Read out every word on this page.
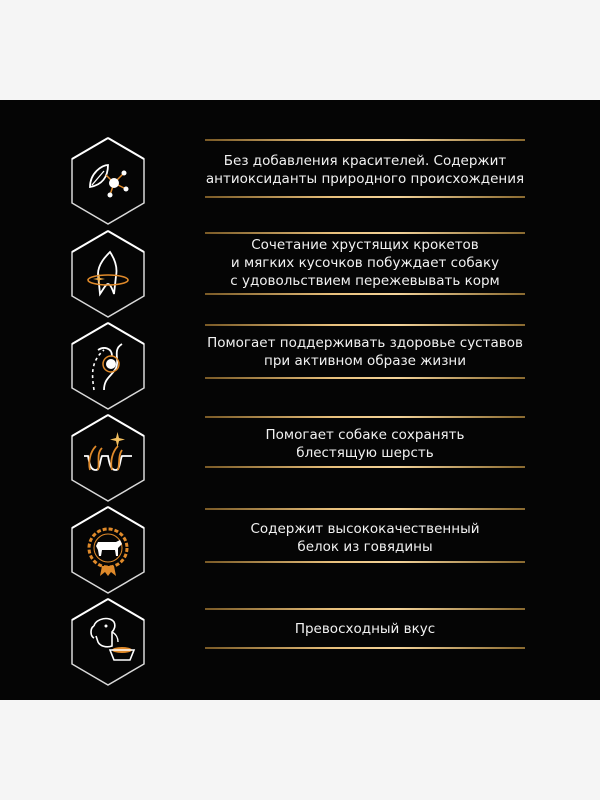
Без добавления красителей. Содержит
антиоксиданты природного происхождения
Сочетание хрустящих крокетов
и мягких кусочков побуждает собаку
с удовольствием пережевывать корм
Помогает поддерживать здоровье суставов
при активном образе жизни
Помогает собаке сохранять
блестящую шерсть
Содержит высококачественный
белок из говядины
Превосходный вкус
